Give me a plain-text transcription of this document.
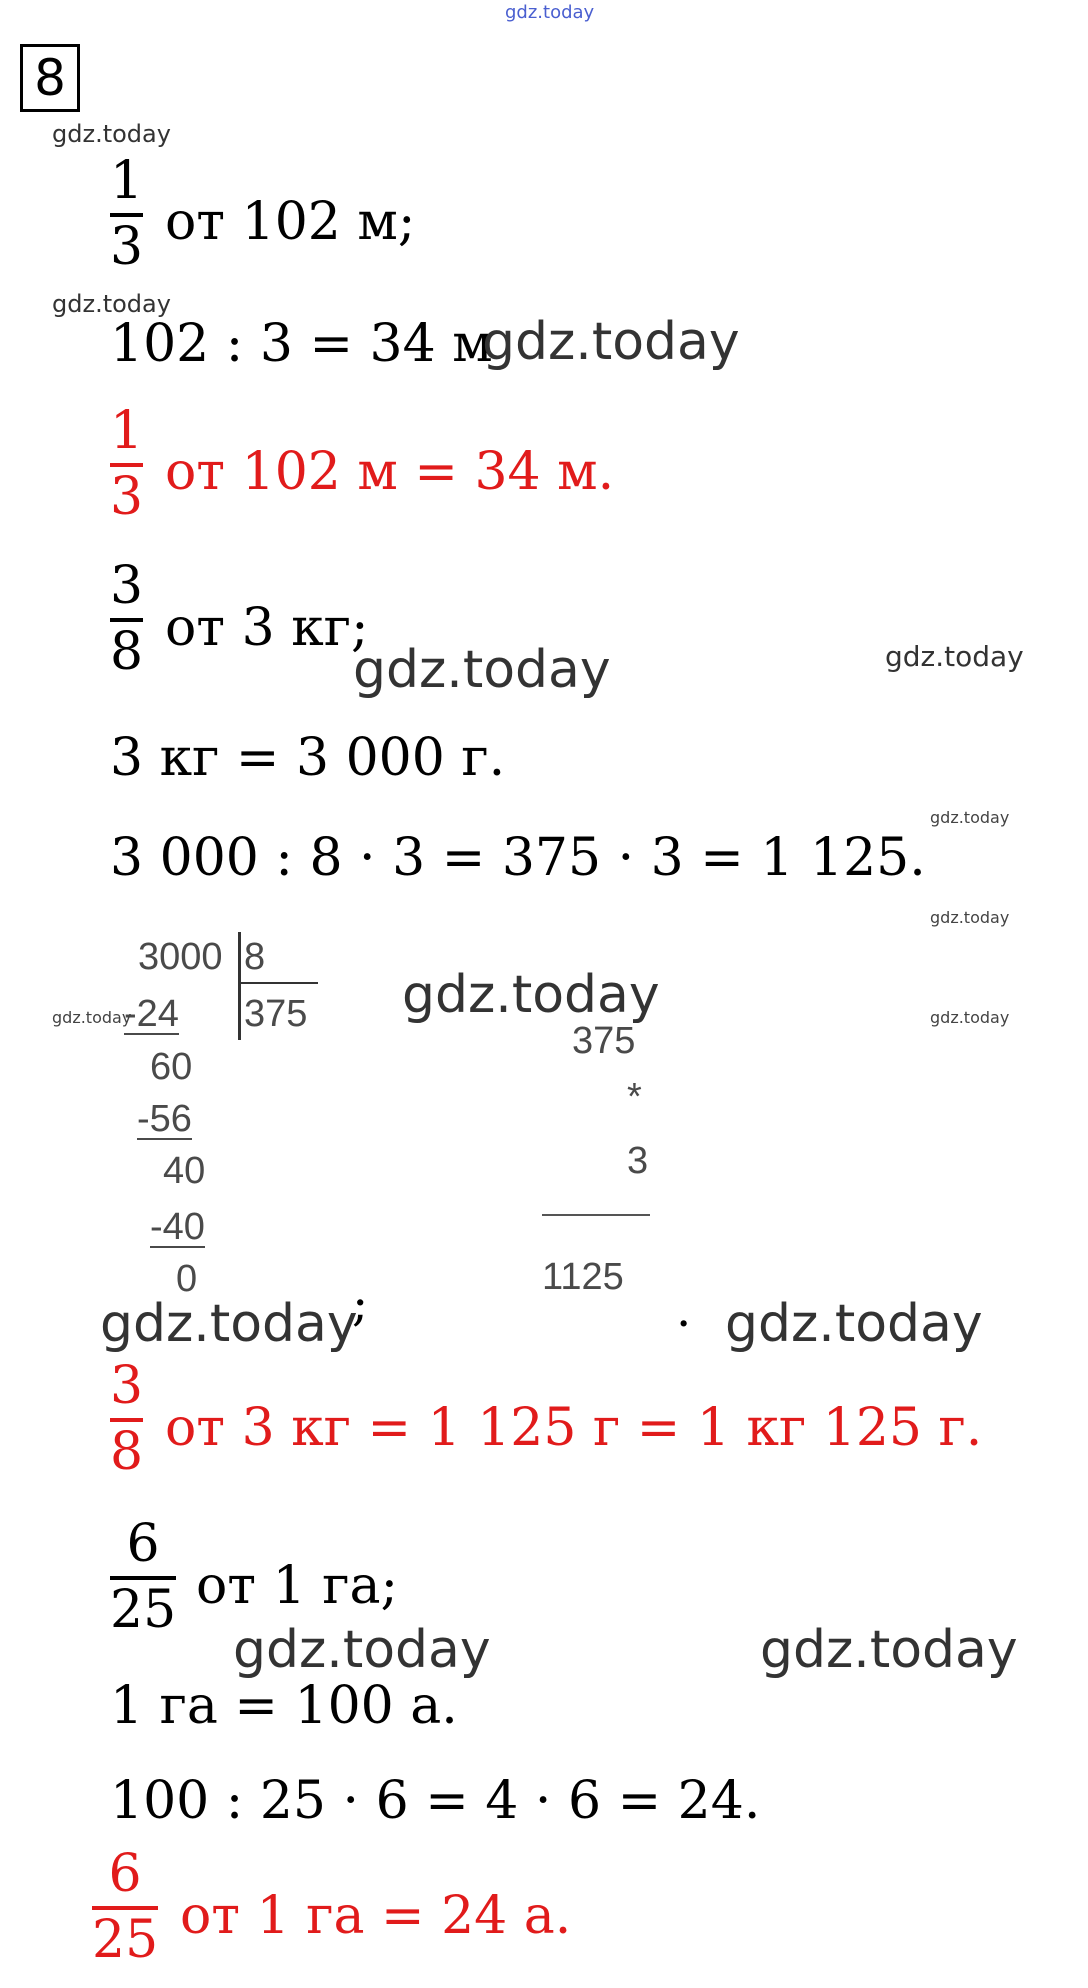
gdz.today
8
gdz.today
1
3 от 102 м;
gdz.today
102 : 3 = 34 м
gdz.today
1
3 от 102 м = 34 м.
3
8 от 3 кг;
gdz.today	gdz.today
3 кг = 3 000 г.
gdz.today
3 000 : 8 · 3 = 375 · 3 = 1 125.
gdz.today
3000 8
375
-24
60
-56
40
-40
0
gdz.today	gdz.today	gdz.today
375
*
3
1125
;	.
gdz.today	gdz.today
3
8 от 3 кг = 1 125 г = 1 кг 125 г.
6
25 от 1 га;
gdz.today	gdz.today
1 га = 100 а.
100 : 25 · 6 = 4 · 6 = 24.
6
25 от 1 га = 24 а.
